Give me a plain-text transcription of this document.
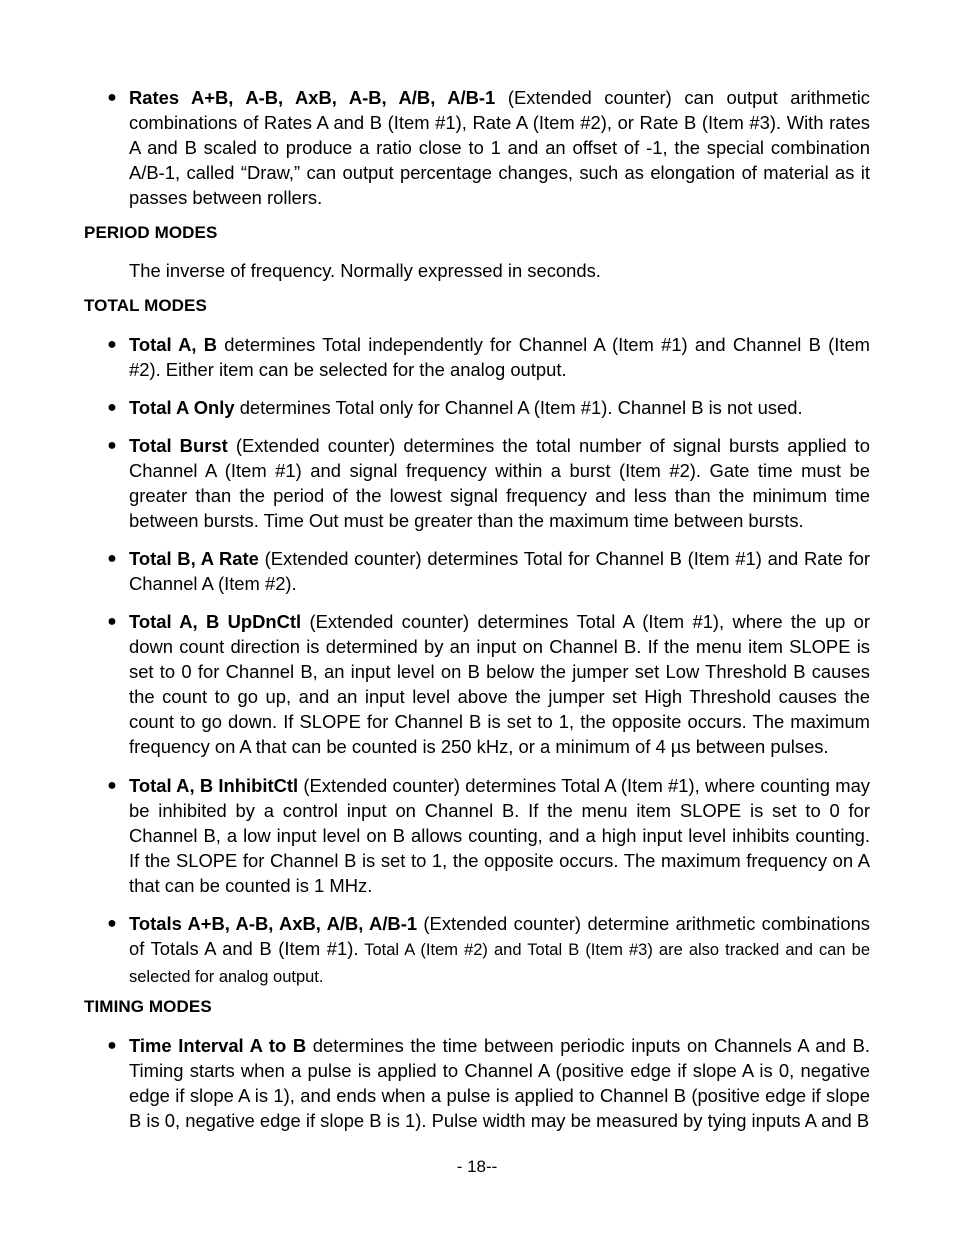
● Rates A+B, A-B, AxB, A-B, A/B, A/B-1 (Extended counter) can output arithmetic combinations of Rates A and B (Item #1), Rate A (Item #2), or Rate B (Item #3). With rates A and B scaled to produce a ratio close to 1 and an offset of -1, the special combination A/B-1, called “Draw,” can output percentage changes, such as elongation of material as it passes between rollers.
PERIOD MODES
The inverse of frequency. Normally expressed in seconds.
TOTAL MODES
● Total A, B determines Total independently for Channel A (Item #1) and Channel B (Item #2). Either item can be selected for the analog output.
● Total A Only determines Total only for Channel A (Item #1). Channel B is not used.
● Total Burst (Extended counter) determines the total number of signal bursts applied to Channel A (Item #1) and signal frequency within a burst (Item #2). Gate time must be greater than the period of the lowest signal frequency and less than the minimum time between bursts. Time Out must be greater than the maximum time between bursts.
● Total B, A Rate (Extended counter) determines Total for Channel B (Item #1) and Rate for Channel A (Item #2).
● Total A, B UpDnCtl (Extended counter) determines Total A (Item #1), where the up or down count direction is determined by an input on Channel B. If the menu item SLOPE is set to 0 for Channel B, an input level on B below the jumper set Low Threshold B causes the count to go up, and an input level above the jumper set High Threshold causes the count to go down. If SLOPE for Channel B is set to 1, the opposite occurs. The maximum frequency on A that can be counted is 250 kHz, or a minimum of 4 µs between pulses.
● Total A, B InhibitCtl (Extended counter) determines Total A (Item #1), where counting may be inhibited by a control input on Channel B. If the menu item SLOPE is set to 0 for Channel B, a low input level on B allows counting, and a high input level inhibits counting. If the SLOPE for Channel B is set to 1, the opposite occurs. The maximum frequency on A that can be counted is 1 MHz.
● Totals A+B, A-B, AxB, A/B, A/B-1 (Extended counter) determine arithmetic combinations of Totals A and B (Item #1). Total A (Item #2) and Total B (Item #3) are also tracked and can be selected for analog output.
TIMING MODES
● Time Interval A to B determines the time between periodic inputs on Channels A and B. Timing starts when a pulse is applied to Channel A (positive edge if slope A is 0, negative edge if slope A is 1), and ends when a pulse is applied to Channel B (positive edge if slope B is 0, negative edge if slope B is 1). Pulse width may be measured by tying inputs A and B
- 18--
